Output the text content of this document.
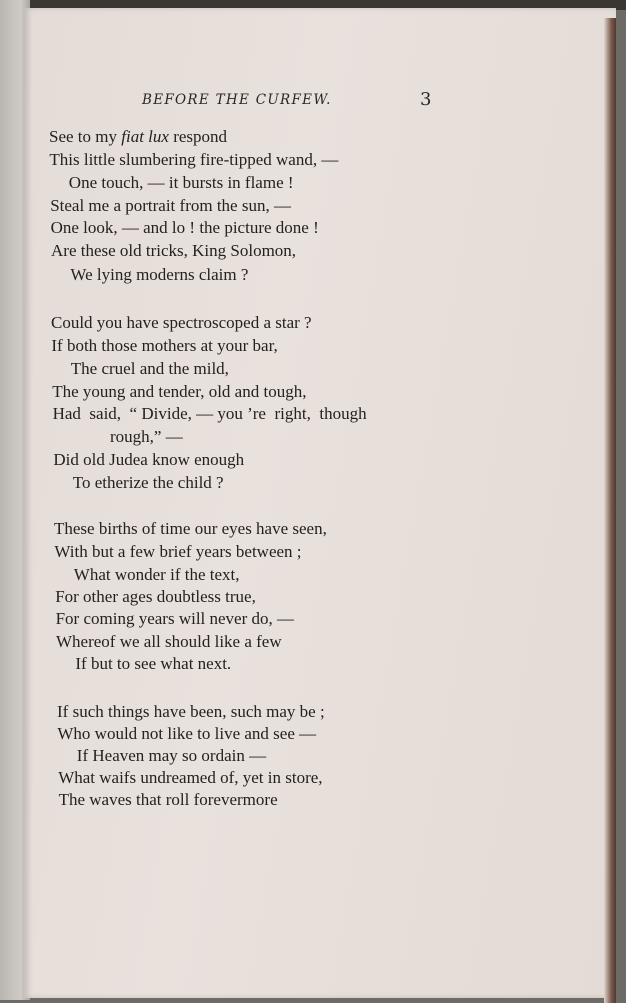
BEFORE THE CURFEW.	3
See to my fiat lux respond
This little slumbering fire-tipped wand, —
One touch, — it bursts in flame !
Steal me a portrait from the sun, —
One look, — and lo ! the picture done !
Are these old tricks, King Solomon,
We lying moderns claim ?
Could you have spectroscoped a star ?
If both those mothers at your bar,
The cruel and the mild,
The young and tender, old and tough,
Had  said,  “ Divide, — you ’re  right,  though
rough,” —
Did old Judea know enough
To etherize the child ?
These births of time our eyes have seen,
With but a few brief years between ;
What wonder if the text,
For other ages doubtless true,
For coming years will never do, —
Whereof we all should like a few
If but to see what next.
If such things have been, such may be ;
Who would not like to live and see —
If Heaven may so ordain —
What waifs undreamed of, yet in store,
The waves that roll forevermore
